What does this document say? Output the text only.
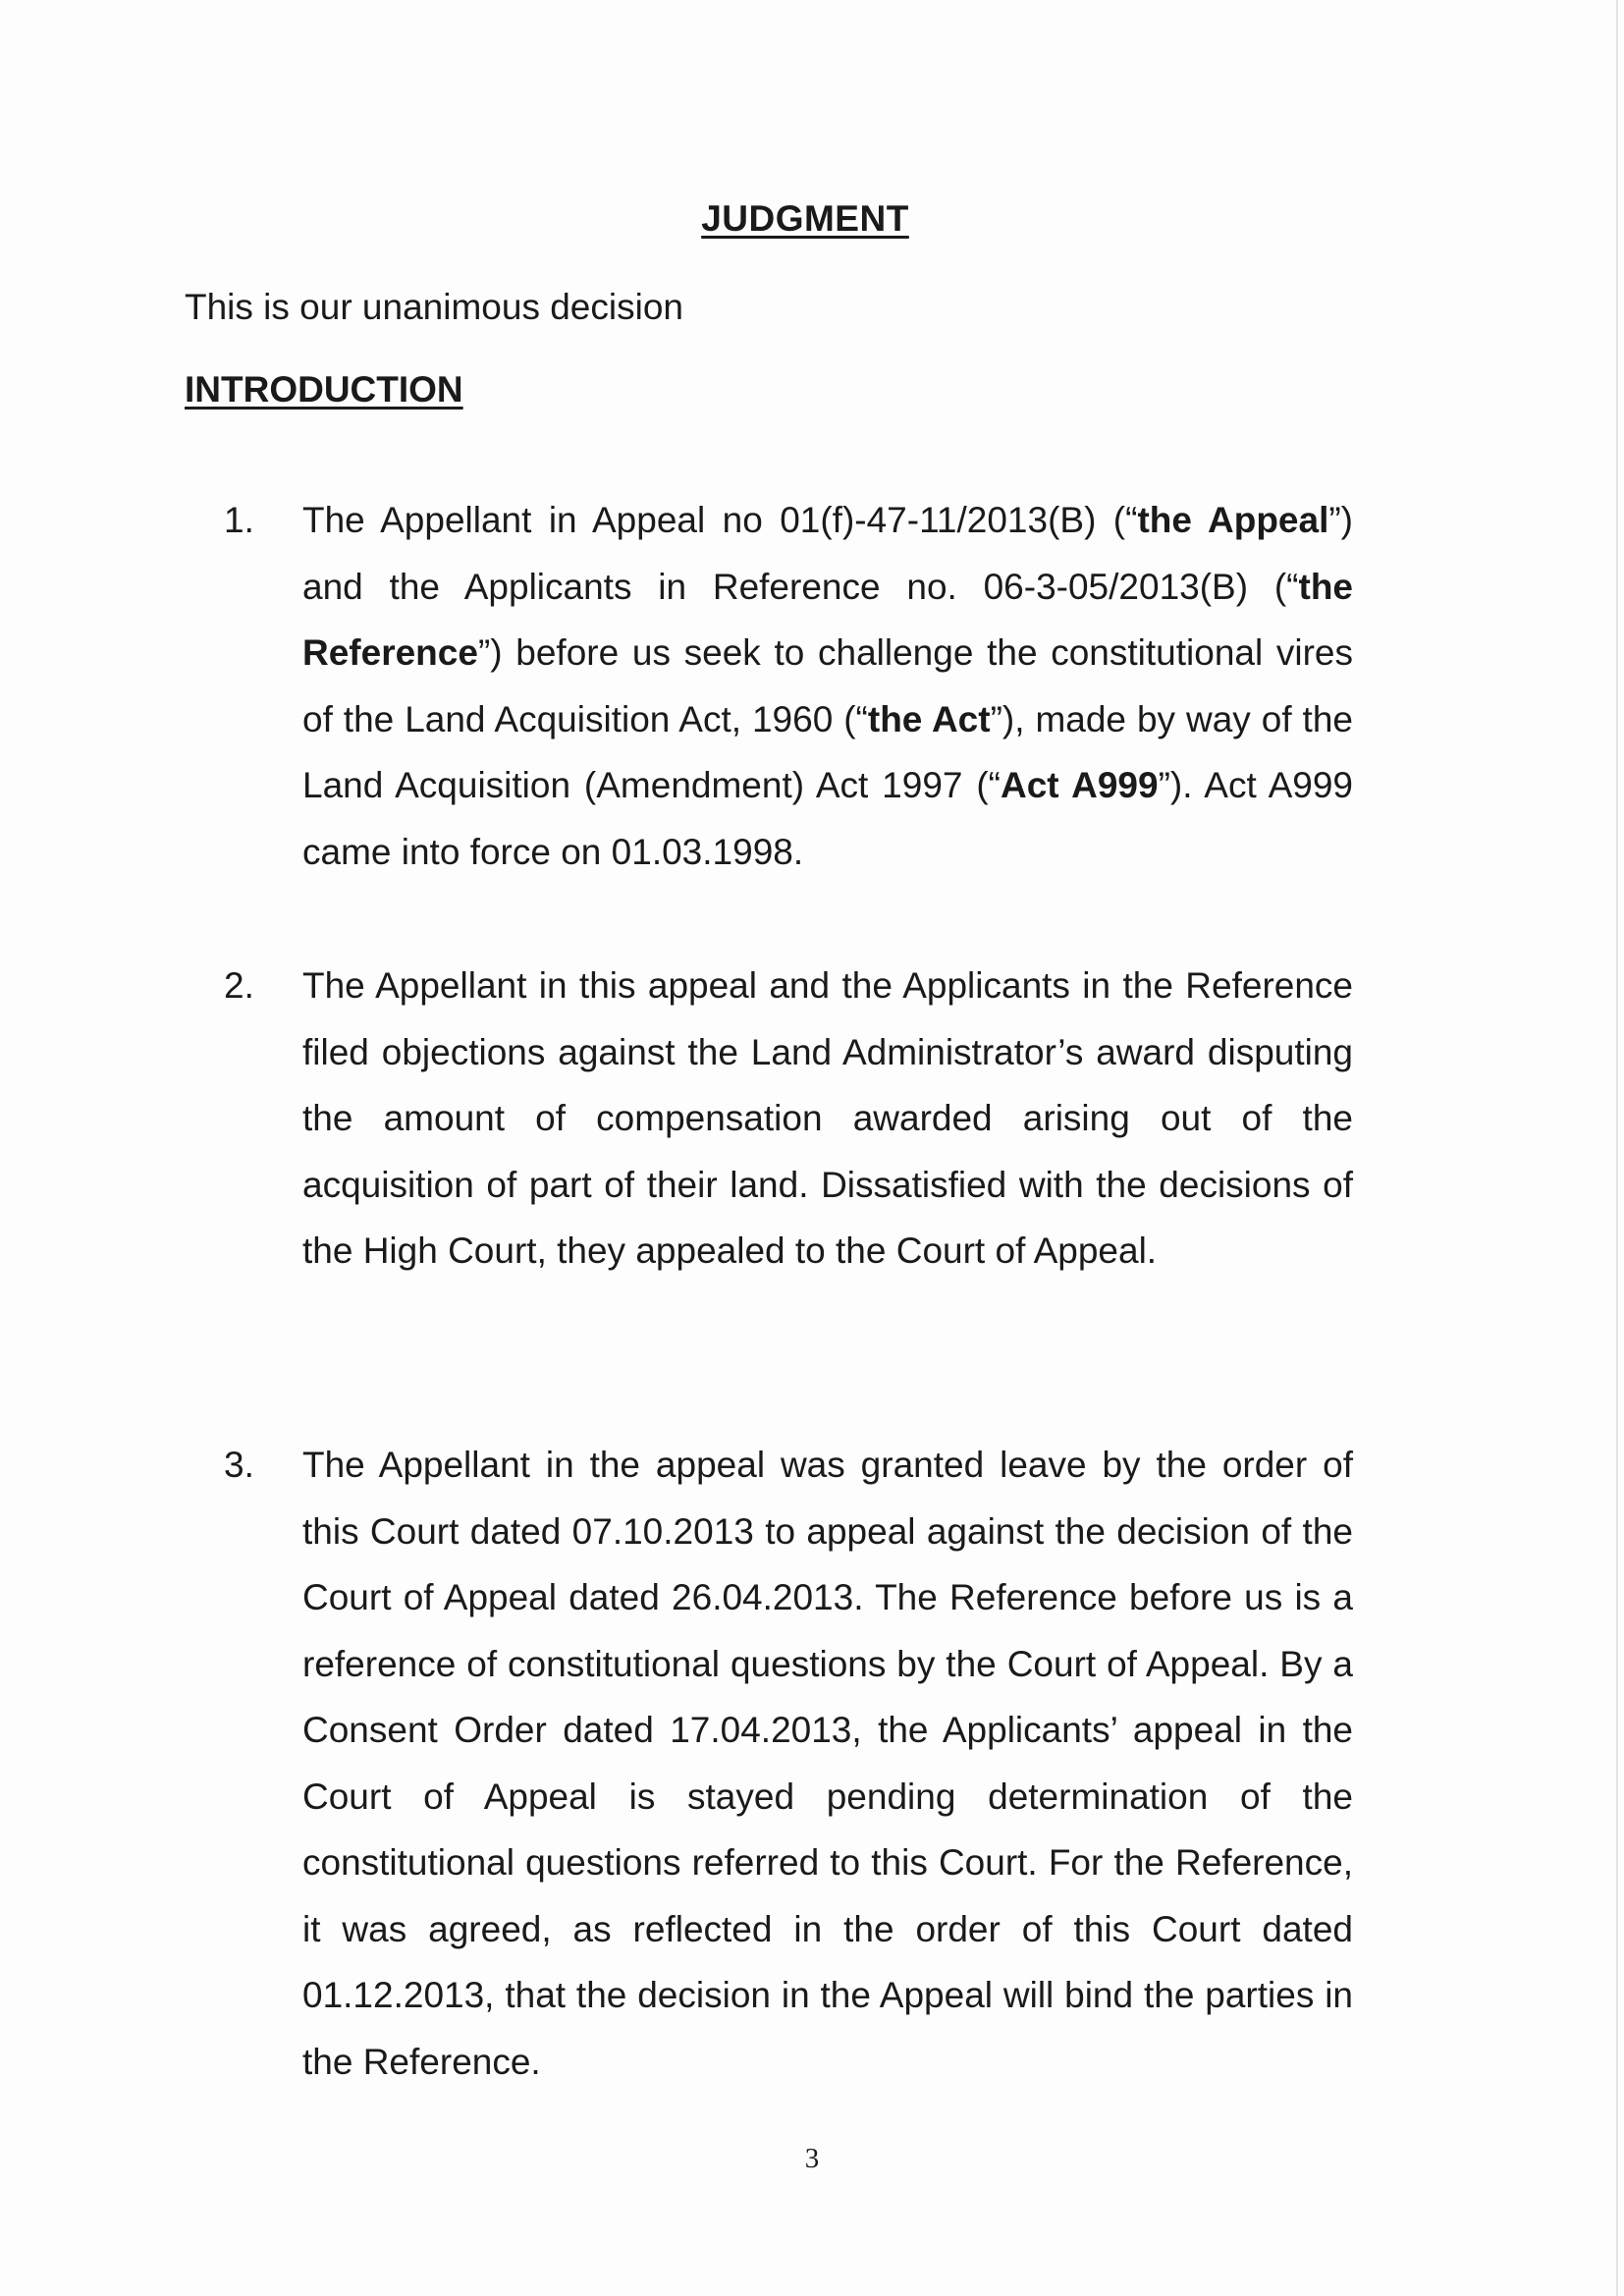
JUDGMENT
This is our unanimous decision
INTRODUCTION
1. The Appellant in Appeal no 01(f)-47-11/2013(B) (“the Appeal”) and the Applicants in Reference no. 06-3-05/2013(B) (“the Reference”) before us seek to challenge the constitutional vires of the Land Acquisition Act, 1960 (“the Act”), made by way of the Land Acquisition (Amendment) Act 1997 (“Act A999”). Act A999 came into force on 01.03.1998.
2. The Appellant in this appeal and the Applicants in the Reference filed objections against the Land Administrator’s award disputing the amount of compensation awarded arising out of the acquisition of part of their land. Dissatisfied with the decisions of the High Court, they appealed to the Court of Appeal.
3. The Appellant in the appeal was granted leave by the order of this Court dated 07.10.2013 to appeal against the decision of the Court of Appeal dated 26.04.2013. The Reference before us is a reference of constitutional questions by the Court of Appeal. By a Consent Order dated 17.04.2013, the Applicants’ appeal in the Court of Appeal is stayed pending determination of the constitutional questions referred to this Court. For the Reference, it was agreed, as reflected in the order of this Court dated 01.12.2013, that the decision in the Appeal will bind the parties in the Reference.
3
